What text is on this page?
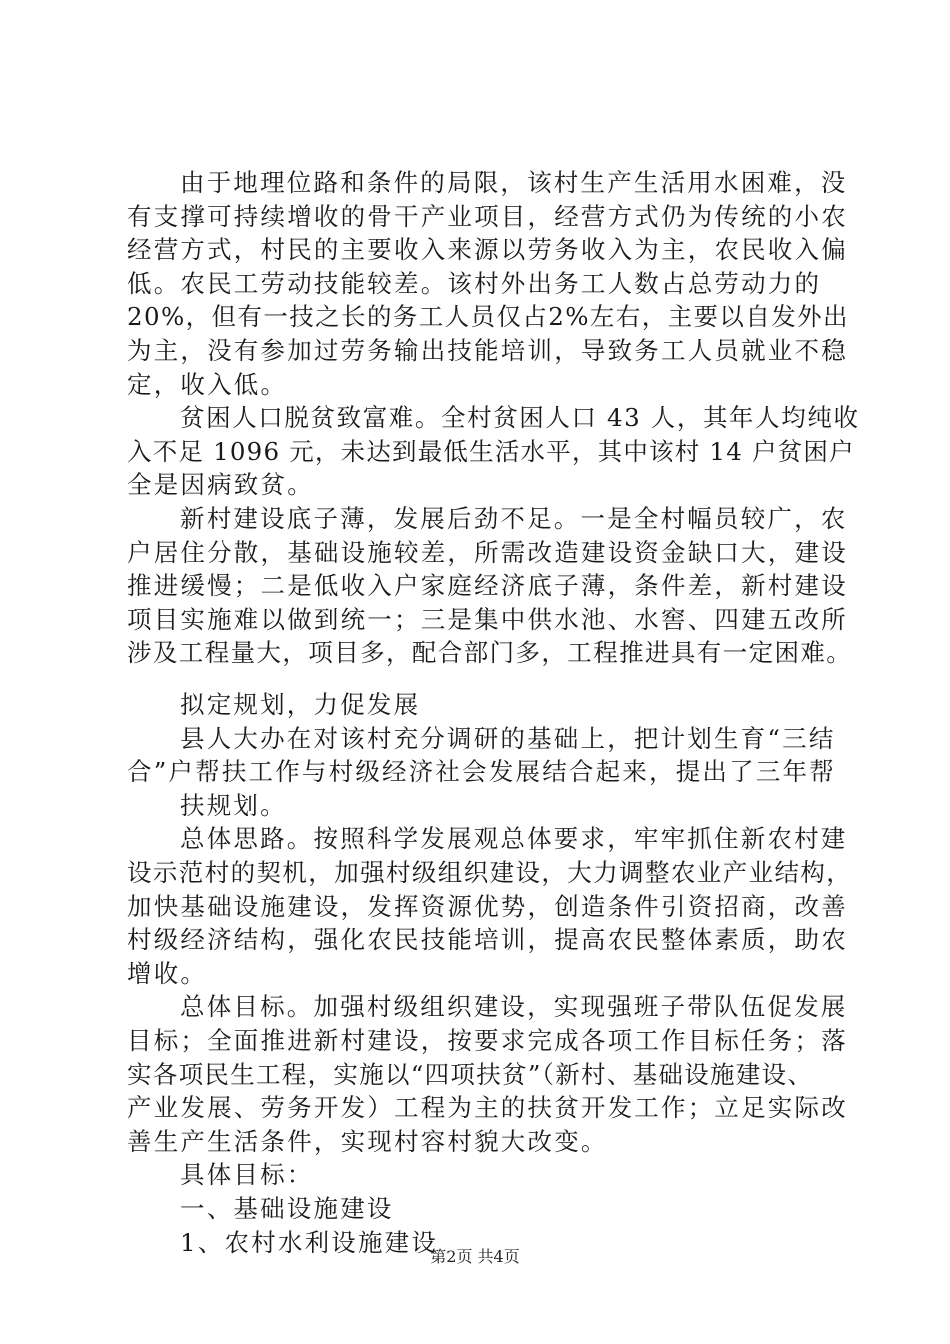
由于地理位路和条件的局限，该村生产生活用水困难，没
有支撑可持续增收的骨干产业项目，经营方式仍为传统的小农
经营方式，村民的主要收入来源以劳务收入为主，农民收入偏
低。农民工劳动技能较差。该村外出务工人数占总劳动力的
20%，但有一技之长的务工人员仅占2%左右，主要以自发外出
为主，没有参加过劳务输出技能培训，导致务工人员就业不稳
定，收入低。
贫困人口脱贫致富难。全村贫困人口 43 人，其年人均纯收
入不足 1096 元，未达到最低生活水平，其中该村 14 户贫困户
全是因病致贫。
新村建设底子薄，发展后劲不足。一是全村幅员较广，农
户居住分散，基础设施较差，所需改造建设资金缺口大，建设
推进缓慢；二是低收入户家庭经济底子薄，条件差，新村建设
项目实施难以做到统一；三是集中供水池、水窖、四建五改所
涉及工程量大，项目多，配合部门多，工程推进具有一定困难。
拟定规划，力促发展
县人大办在对该村充分调研的基础上，把计划生育“三结
合”户帮扶工作与村级经济社会发展结合起来，提出了三年帮
扶规划。
总体思路。按照科学发展观总体要求，牢牢抓住新农村建
设示范村的契机，加强村级组织建设，大力调整农业产业结构，
加快基础设施建设，发挥资源优势，创造条件引资招商，改善
村级经济结构，强化农民技能培训，提高农民整体素质，助农
增收。
总体目标。加强村级组织建设，实现强班子带队伍促发展
目标；全面推进新村建设，按要求完成各项工作目标任务；落
实各项民生工程，实施以“四项扶贫”（新村、基础设施建设、
产业发展、劳务开发）工程为主的扶贫开发工作；立足实际改
善生产生活条件，实现村容村貌大改变。
具体目标：
一、基础设施建设
1、农村水利设施建设
第2页 共4页
